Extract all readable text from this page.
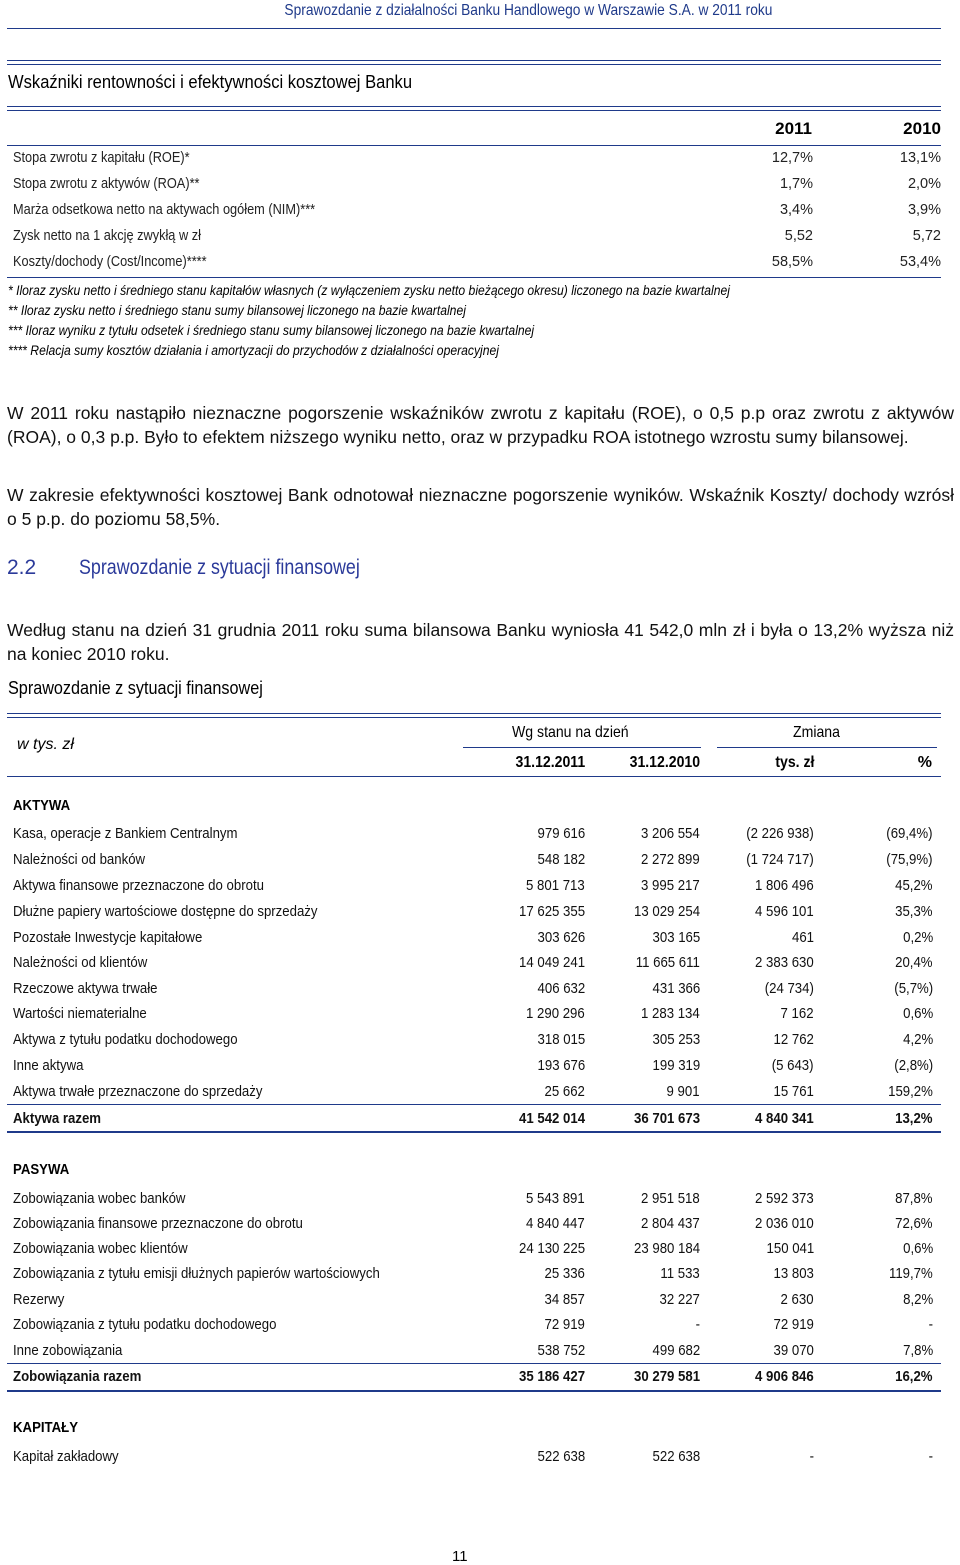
Sprawozdanie z działalności Banku Handlowego w Warszawie S.A. w 2011 roku
Wskaźniki rentowności i efektywności kosztowej Banku
2011	2010
Stopa zwrotu z kapitału (ROE)*	12,7%	13,1%
Stopa zwrotu z aktywów (ROA)**	1,7%	2,0%
Marża odsetkowa netto na aktywach ogółem (NIM)***	3,4%	3,9%
Zysk netto na 1 akcję zwykłą w zł	5,52	5,72
Koszty/dochody (Cost/Income)****	58,5%	53,4%
* Iloraz zysku netto i średniego stanu kapitałów własnych (z wyłączeniem zysku netto bieżącego okresu) liczonego na bazie kwartalnej
** Iloraz zysku netto i średniego stanu sumy bilansowej liczonego na bazie kwartalnej
*** Iloraz wyniku z tytułu odsetek i średniego stanu sumy bilansowej liczonego na bazie kwartalnej
**** Relacja sumy kosztów działania i amortyzacji do przychodów z działalności operacyjnej
W 2011 roku nastąpiło nieznaczne pogorszenie wskaźników zwrotu z kapitału (ROE), o 0,5 p.p oraz zwrotu z aktywów (ROA), o 0,3 p.p. Było to efektem niższego wyniku netto, oraz w przypadku ROA istotnego wzrostu sumy bilansowej.
W zakresie efektywności kosztowej Bank odnotował nieznaczne pogorszenie wyników. Wskaźnik Koszty/ dochody wzrósł o 5 p.p. do poziomu 58,5%.
2.2 Sprawozdanie z sytuacji finansowej
Według stanu na dzień 31 grudnia 2011 roku suma bilansowa Banku wyniosła 41 542,0 mln zł i była o 13,2% wyższa niż na koniec 2010 roku.
Sprawozdanie z sytuacji finansowej
w tys. zł
Wg stanu na dzień	Zmiana
31.12.2011	31.12.2010	tys. zł	%
AKTYWA
Kasa, operacje z Bankiem Centralnym	979 616	3 206 554	(2 226 938)	(69,4%)
Należności od banków	548 182	2 272 899	(1 724 717)	(75,9%)
Aktywa finansowe przeznaczone do obrotu	5 801 713	3 995 217	1 806 496	45,2%
Dłużne papiery wartościowe dostępne do sprzedaży	17 625 355	13 029 254	4 596 101	35,3%
Pozostałe Inwestycje kapitałowe	303 626	303 165	461	0,2%
Należności od klientów	14 049 241	11 665 611	2 383 630	20,4%
Rzeczowe aktywa trwałe	406 632	431 366	(24 734)	(5,7%)
Wartości niematerialne	1 290 296	1 283 134	7 162	0,6%
Aktywa z tytułu podatku dochodowego	318 015	305 253	12 762	4,2%
Inne aktywa	193 676	199 319	(5 643)	(2,8%)
Aktywa trwałe przeznaczone do sprzedaży	25 662	9 901	15 761	159,2%
Aktywa razem	41 542 014	36 701 673	4 840 341	13,2%
PASYWA
Zobowiązania wobec banków	5 543 891	2 951 518	2 592 373	87,8%
Zobowiązania finansowe przeznaczone do obrotu	4 840 447	2 804 437	2 036 010	72,6%
Zobowiązania wobec klientów	24 130 225	23 980 184	150 041	0,6%
Zobowiązania z tytułu emisji dłużnych papierów wartościowych	25 336	11 533	13 803	119,7%
Rezerwy	34 857	32 227	2 630	8,2%
Zobowiązania z tytułu podatku dochodowego	72 919	-	72 919	-
Inne zobowiązania	538 752	499 682	39 070	7,8%
Zobowiązania razem	35 186 427	30 279 581	4 906 846	16,2%
KAPITAŁY
Kapitał zakładowy	522 638	522 638	-	-
11
